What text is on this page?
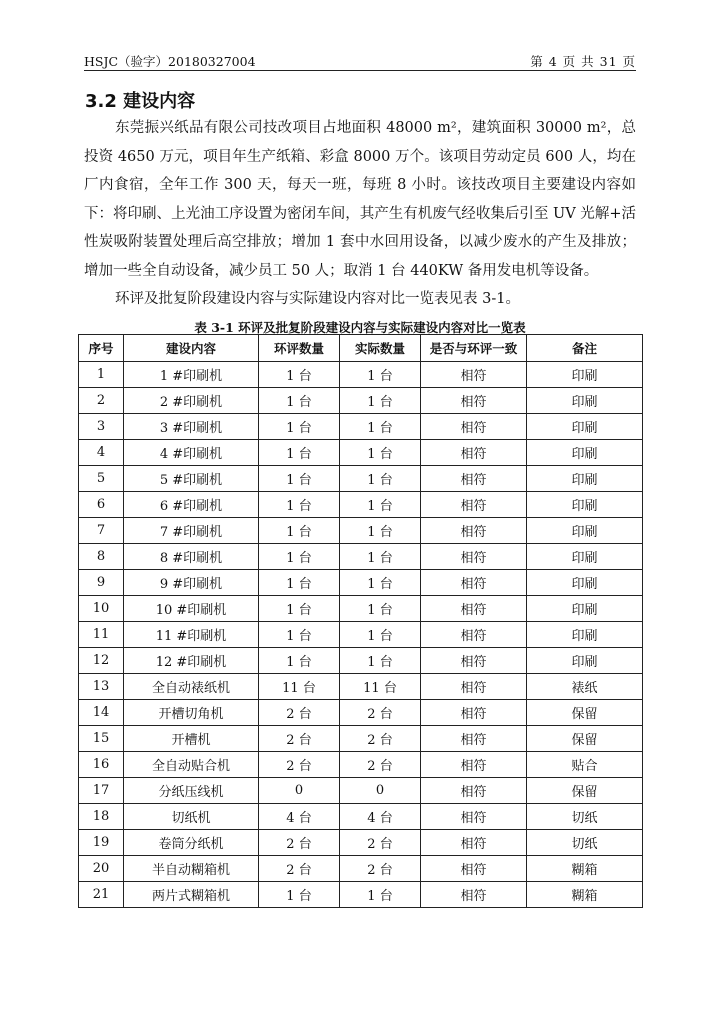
HSJC（验字）20180327004	第 4 页 共 31 页
3.2 建设内容

东莞振兴纸品有限公司技改项目占地面积 48000 m²，建筑面积 30000 m²，总投资 4650 万元，项目年生产纸箱、彩盒 8000 万个。该项目劳动定员 600 人，均在厂内食宿，全年工作 300 天，每天一班，每班 8 小时。该技改项目主要建设内容如下：将印刷、上光油工序设置为密闭车间，其产生有机废气经收集后引至 UV 光解+活性炭吸附装置处理后高空排放；增加 1 套中水回用设备，以减少废水的产生及排放；增加一些全自动设备，减少员工 50 人；取消 1 台 440KW 备用发电机等设备。

环评及批复阶段建设内容与实际建设内容对比一览表见表 3-1。

表 3-1 环评及批复阶段建设内容与实际建设内容对比一览表
序号	建设内容	环评数量	实际数量	是否与环评一致	备注
1	1 #印刷机	1 台	1 台	相符	印刷
2	2 #印刷机	1 台	1 台	相符	印刷
3	3 #印刷机	1 台	1 台	相符	印刷
4	4 #印刷机	1 台	1 台	相符	印刷
5	5 #印刷机	1 台	1 台	相符	印刷
6	6 #印刷机	1 台	1 台	相符	印刷
7	7 #印刷机	1 台	1 台	相符	印刷
8	8 #印刷机	1 台	1 台	相符	印刷
9	9 #印刷机	1 台	1 台	相符	印刷
10	10 #印刷机	1 台	1 台	相符	印刷
11	11 #印刷机	1 台	1 台	相符	印刷
12	12 #印刷机	1 台	1 台	相符	印刷
13	全自动裱纸机	11 台	11 台	相符	裱纸
14	开槽切角机	2 台	2 台	相符	保留
15	开槽机	2 台	2 台	相符	保留
16	全自动贴合机	2 台	2 台	相符	贴合
17	分纸压线机	0	0	相符	保留
18	切纸机	4 台	4 台	相符	切纸
19	卷筒分纸机	2 台	2 台	相符	切纸
20	半自动糊箱机	2 台	2 台	相符	糊箱
21	两片式糊箱机	1 台	1 台	相符	糊箱
